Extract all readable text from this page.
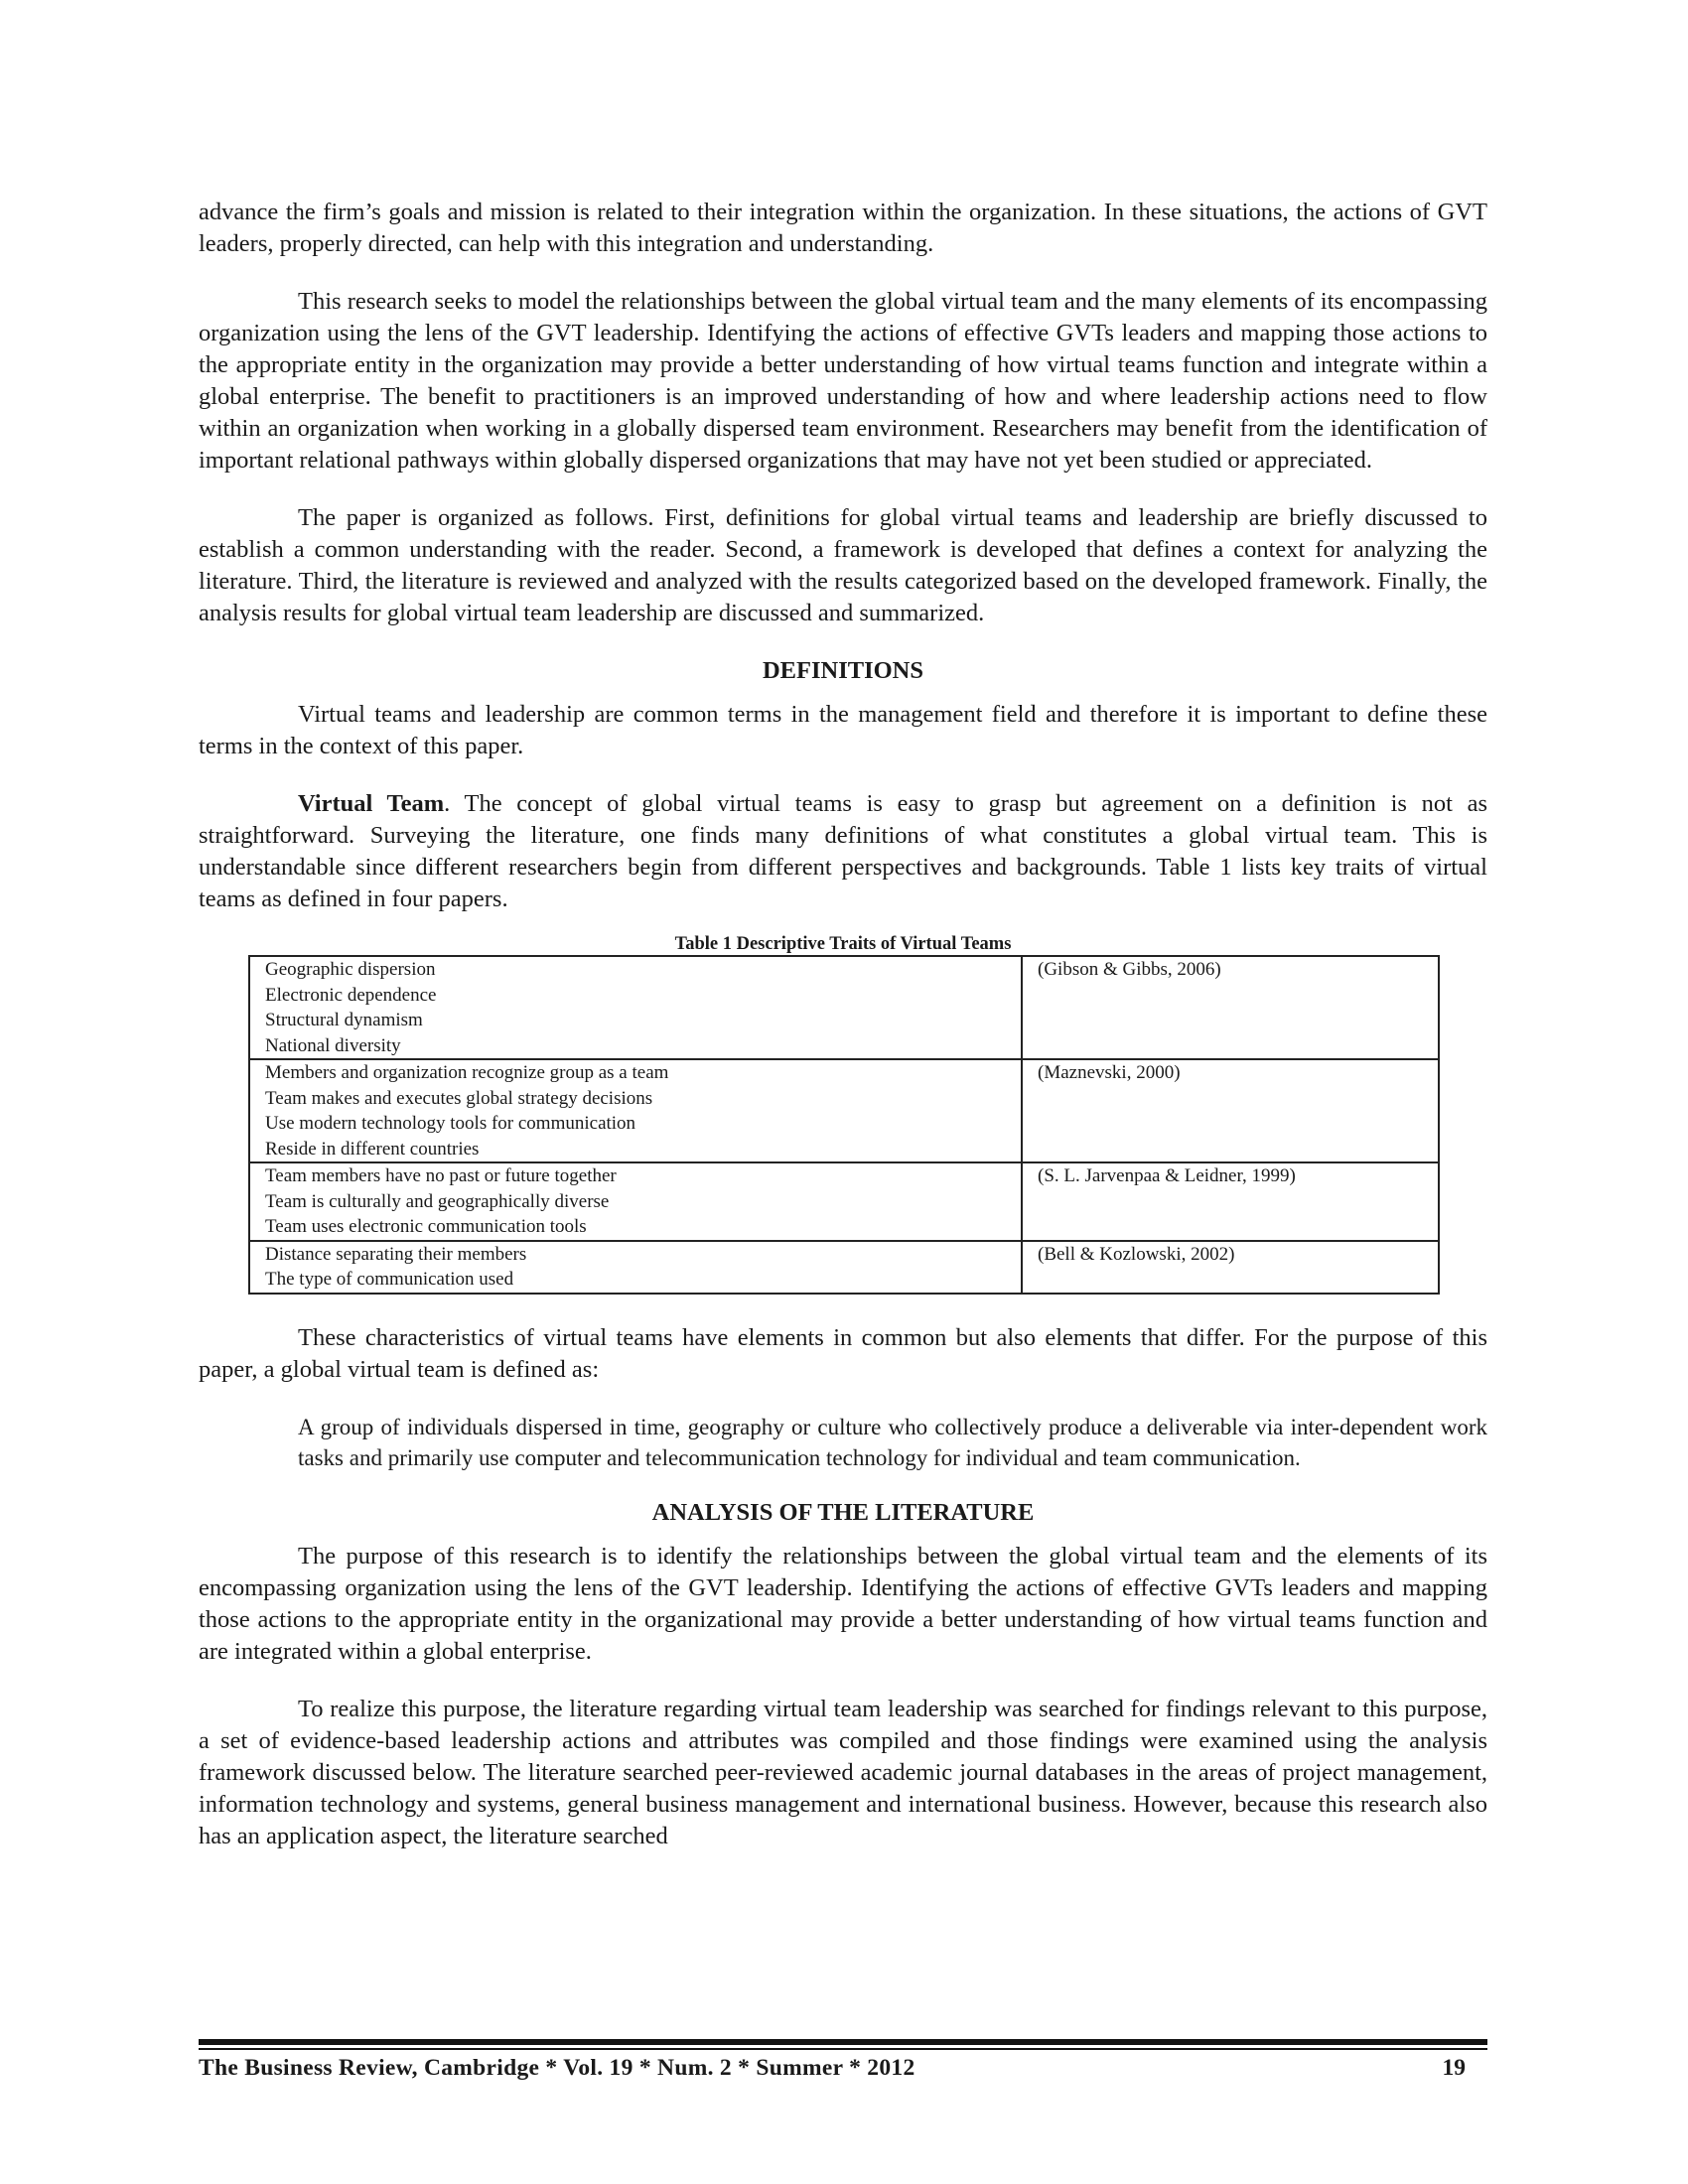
advance the firm’s goals and mission is related to their integration within the organization. In these situations, the actions of GVT leaders, properly directed, can help with this integration and understanding.

This research seeks to model the relationships between the global virtual team and the many elements of its encompassing organization using the lens of the GVT leadership. Identifying the actions of effective GVTs leaders and mapping those actions to the appropriate entity in the organization may provide a better understanding of how virtual teams function and integrate within a global enterprise. The benefit to practitioners is an improved understanding of how and where leadership actions need to flow within an organization when working in a globally dispersed team environment. Researchers may benefit from the identification of important relational pathways within globally dispersed organizations that may have not yet been studied or appreciated.

The paper is organized as follows. First, definitions for global virtual teams and leadership are briefly discussed to establish a common understanding with the reader. Second, a framework is developed that defines a context for analyzing the literature. Third, the literature is reviewed and analyzed with the results categorized based on the developed framework. Finally, the analysis results for global virtual team leadership are discussed and summarized.

DEFINITIONS

Virtual teams and leadership are common terms in the management field and therefore it is important to define these terms in the context of this paper.

Virtual Team. The concept of global virtual teams is easy to grasp but agreement on a definition is not as straightforward. Surveying the literature, one finds many definitions of what constitutes a global virtual team. This is understandable since different researchers begin from different perspectives and backgrounds. Table 1 lists key traits of virtual teams as defined in four papers.

Table 1 Descriptive Traits of Virtual Teams
Geographic dispersion
Electronic dependence
Structural dynamism
National diversity	(Gibson & Gibbs, 2006)

Members and organization recognize group as a team
Team makes and executes global strategy decisions
Use modern technology tools for communication
Reside in different countries	(Maznevski, 2000)

Team members have no past or future together
Team is culturally and geographically diverse
Team uses electronic communication tools	(S. L. Jarvenpaa & Leidner, 1999)

Distance separating their members
The type of communication used	(Bell & Kozlowski, 2002)

These characteristics of virtual teams have elements in common but also elements that differ. For the purpose of this paper, a global virtual team is defined as:

A group of individuals dispersed in time, geography or culture who collectively produce a deliverable via inter-dependent work tasks and primarily use computer and telecommunication technology for individual and team communication.
ANALYSIS OF THE LITERATURE

The purpose of this research is to identify the relationships between the global virtual team and the elements of its encompassing organization using the lens of the GVT leadership. Identifying the actions of effective GVTs leaders and mapping those actions to the appropriate entity in the organizational may provide a better understanding of how virtual teams function and are integrated within a global enterprise.

To realize this purpose, the literature regarding virtual team leadership was searched for findings relevant to this purpose, a set of evidence-based leadership actions and attributes was compiled and those findings were examined using the analysis framework discussed below. The literature searched peer-reviewed academic journal databases in the areas of project management, information technology and systems, general business management and international business. However, because this research also has an application aspect, the literature searched

The Business Review, Cambridge * Vol. 19 * Num. 2 * Summer * 2012	19
